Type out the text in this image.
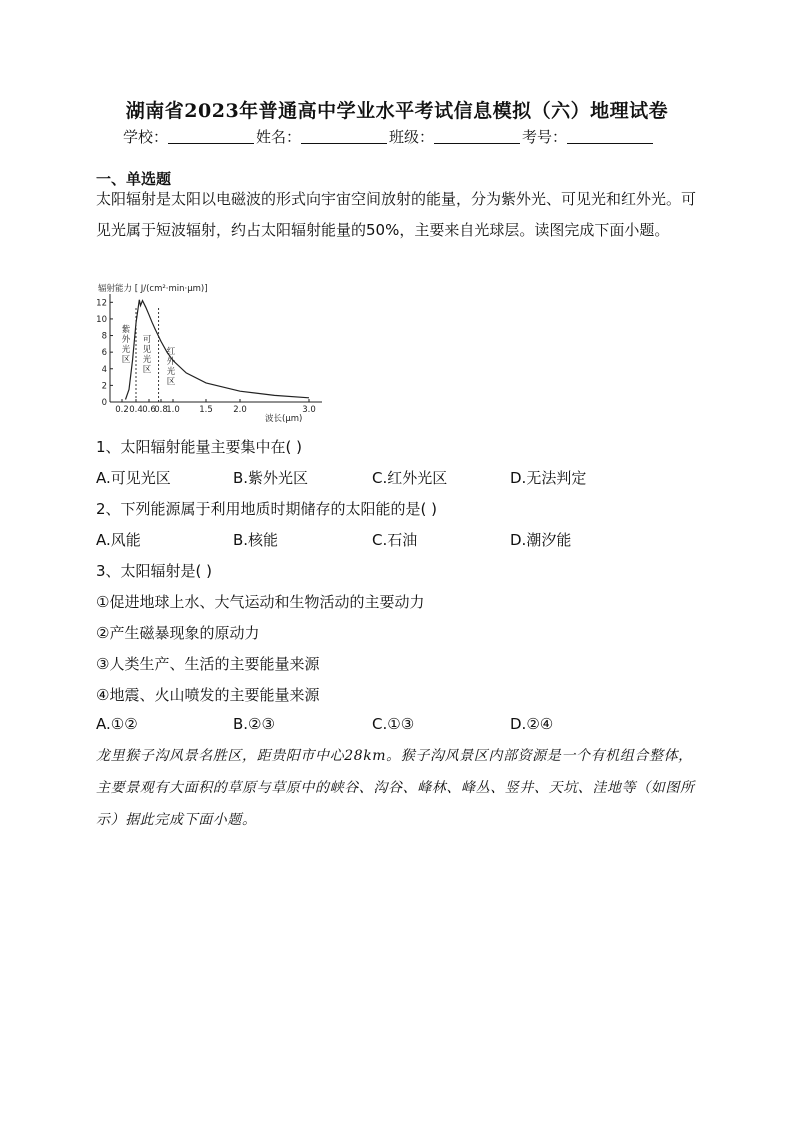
湖南省2023年普通高中学业水平考试信息模拟（六）地理试卷
学校：	姓名：	班级：	考号：
一、单选题
太阳辐射是太阳以电磁波的形式向宇宙空间放射的能量，分为紫外光、可见光和红外光。可见光属于短波辐射，约占太阳辐射能量的50%，主要来自光球层。读图完成下面小题。
辐射能力 [ J/(cm²·min·μm)]
0
2
4
6
8
10
12
0.2 0.4 0.6
0.8
1.0 1.5 2.0	3.0
波长(μm)
紫外光区
可见光区
红外光区
1、太阳辐射能量主要集中在( )
A.可见光区	B.紫外光区	C.红外光区	D.无法判定
2、下列能源属于利用地质时期储存的太阳能的是( )
A.风能	B.核能	C.石油	D.潮汐能
3、太阳辐射是( )
①促进地球上水、大气运动和生物活动的主要动力
②产生磁暴现象的原动力
③人类生产、生活的主要能量来源
④地震、火山喷发的主要能量来源
A.①②	B.②③	C.①③	D.②④
龙里猴子沟风景名胜区，距贵阳市中心28km。猴子沟风景区内部资源是一个有机组合整体，主要景观有大面积的草原与草原中的峡谷、沟谷、峰林、峰丛、竖井、天坑、洼地等（如图所示）据此完成下面小题。
